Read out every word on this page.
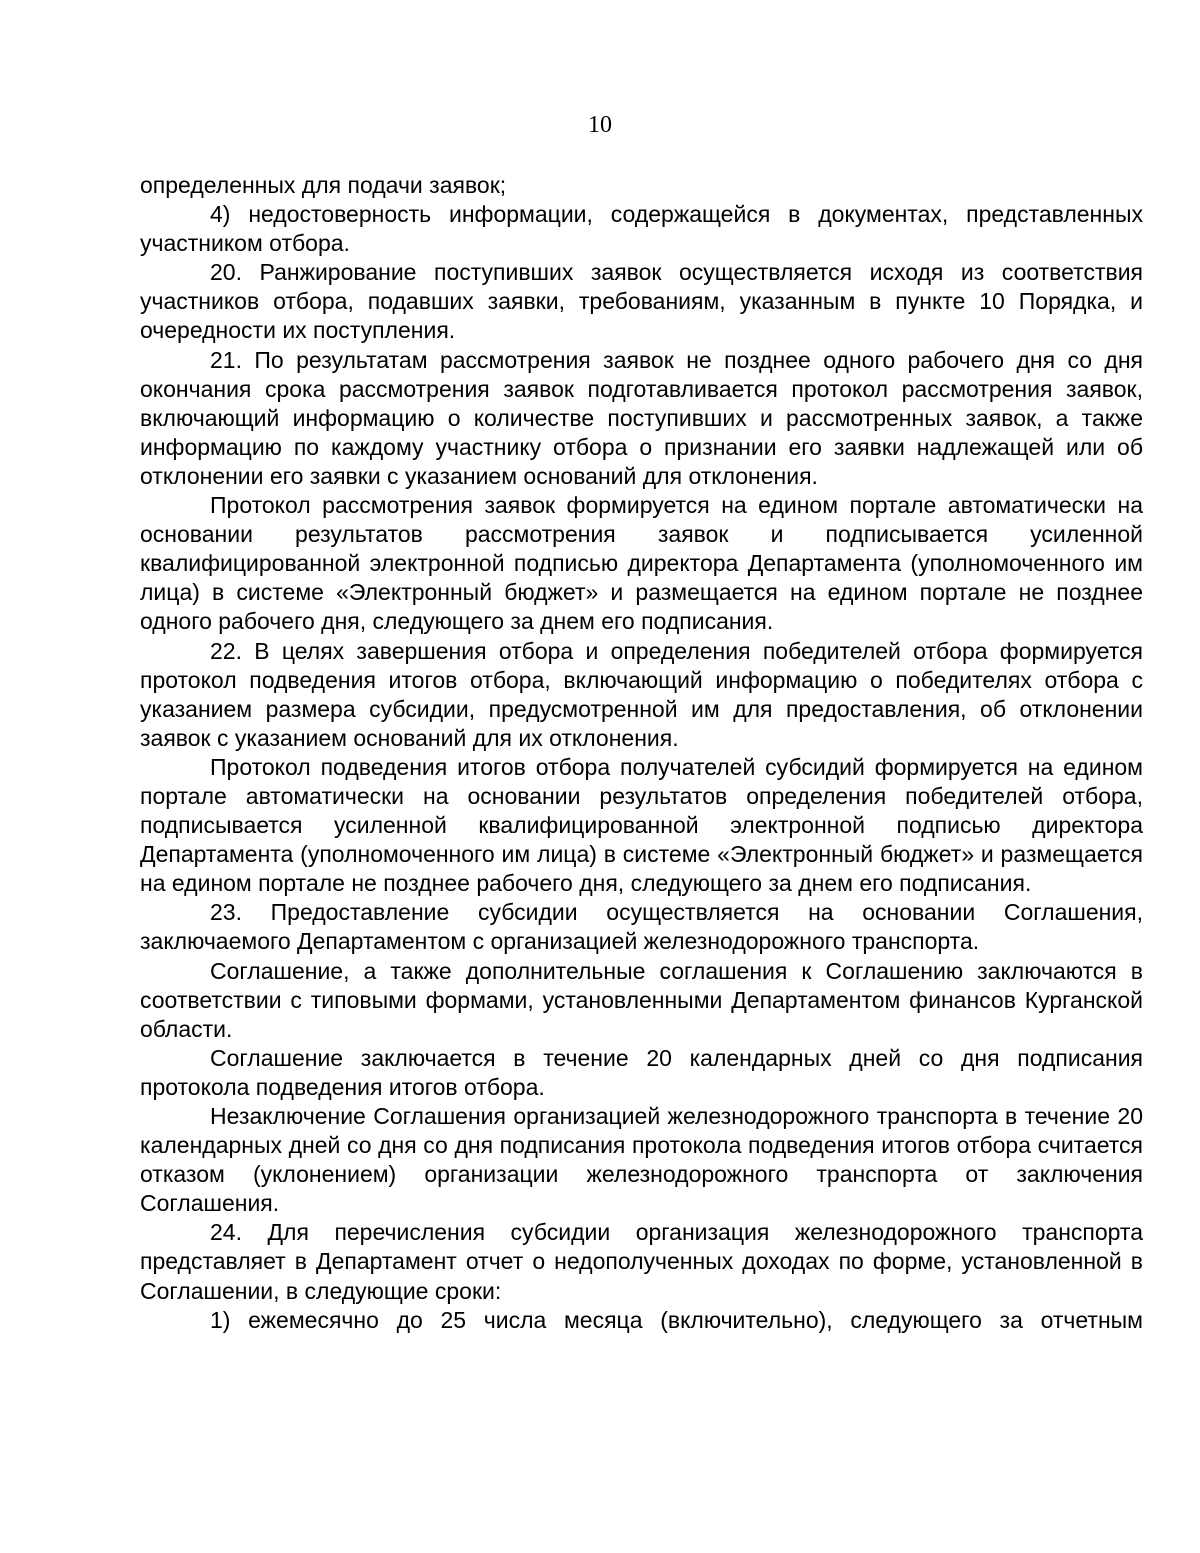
10

определенных для подачи заявок;

4) недостоверность информации, содержащейся в документах, представленных участником отбора.

20. Ранжирование поступивших заявок осуществляется исходя из соответствия участников отбора, подавших заявки, требованиям, указанным в пункте 10 Порядка, и очередности их поступления.

21. По результатам рассмотрения заявок не позднее одного рабочего дня со дня окончания срока рассмотрения заявок подготавливается протокол рассмотрения заявок, включающий информацию о количестве поступивших и рассмотренных заявок, а также информацию по каждому участнику отбора о признании его заявки надлежащей или об отклонении его заявки с указанием оснований для отклонения.

Протокол рассмотрения заявок формируется на едином портале автоматически на основании результатов рассмотрения заявок и подписывается усиленной квалифицированной электронной подписью директора Департамента (уполномоченного им лица) в системе «Электронный бюджет» и размещается на едином портале не позднее одного рабочего дня, следующего за днем его подписания.

22. В целях завершения отбора и определения победителей отбора формируется протокол подведения итогов отбора, включающий информацию о победителях отбора с указанием размера субсидии, предусмотренной им для предоставления, об отклонении заявок с указанием оснований для их отклонения.

Протокол подведения итогов отбора получателей субсидий формируется на едином портале автоматически на основании результатов определения победителей отбора, подписывается усиленной квалифицированной электронной подписью директора Департамента (уполномоченного им лица) в системе «Электронный бюджет» и размещается на едином портале не позднее рабочего дня, следующего за днем его подписания.

23. Предоставление субсидии осуществляется на основании Соглашения, заключаемого Департаментом с организацией железнодорожного транспорта.

Соглашение, а также дополнительные соглашения к Соглашению заключаются в соответствии с типовыми формами, установленными Департаментом финансов Курганской области.

Соглашение заключается в течение 20 календарных дней со дня подписания протокола подведения итогов отбора.

Незаключение Соглашения организацией железнодорожного транспорта в течение 20 календарных дней со дня со дня подписания протокола подведения итогов отбора считается отказом (уклонением) организации железнодорожного транспорта от заключения Соглашения.

24. Для перечисления субсидии организация железнодорожного транспорта представляет в Департамент отчет о недополученных доходах по форме, установленной в Соглашении, в следующие сроки:

1) ежемесячно до 25 числа месяца (включительно), следующего за отчетным
